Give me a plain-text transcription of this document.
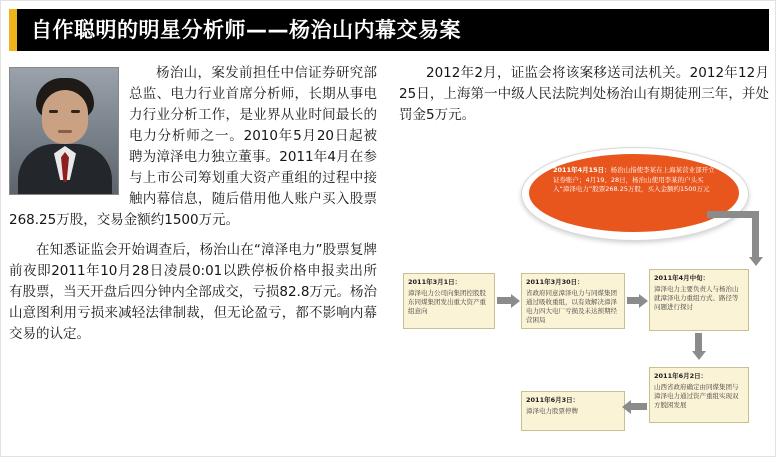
自作聪明的明星分析师——杨治山内幕交易案

杨治山，案发前担任中信证券研究部总监、电力行业首席分析师，长期从事电力行业分析工作，是业界从业时间最长的电力分析师之一。2010年5月20日起被聘为漳泽电力独立董事。2011年4月在参与上市公司筹划重大资产重组的过程中接触内幕信息，随后借用他人账户买入股票268.25万股，交易金额约1500万元。

在知悉证监会开始调查后，杨治山在“漳泽电力”股票复牌前夜即2011年10月28日凌晨0:01以跌停板价格申报卖出所有股票，当天开盘后四分钟内全部成交，亏损82.8万元。杨治山意图利用亏损来减轻法律制裁，但无论盈亏，都不影响内幕交易的认定。

2012年2月，证监会将该案移送司法机关。2012年12月25日，上海第一中级人民法院判处杨治山有期徒刑三年，并处罚金5万元。

2011年4月15日：杨治山指使李某在上海某营业部开立证券账户；4月19、28日，杨治山使用李某的户头买入“漳泽电力”股票268.25万股，买入金额约1500万元
2011年3月1日：
漳泽电力公司向集团控股股东同煤集团发出重大资产重组意向
2011年3月30日：
省政府同意漳泽电力与同煤集团通过吸收重组，以有效解决漳泽电力四大电厂亏损及未达预期经营困局
2011年4月中旬：
漳泽电力主要负责人与杨治山就漳泽电力重组方式、路径等问题进行探讨
2011年6月2日：
山西省政府确定由同煤集团与漳泽电力通过资产重组实现双方脱困发展
2011年6月3日：
漳泽电力股票停牌
